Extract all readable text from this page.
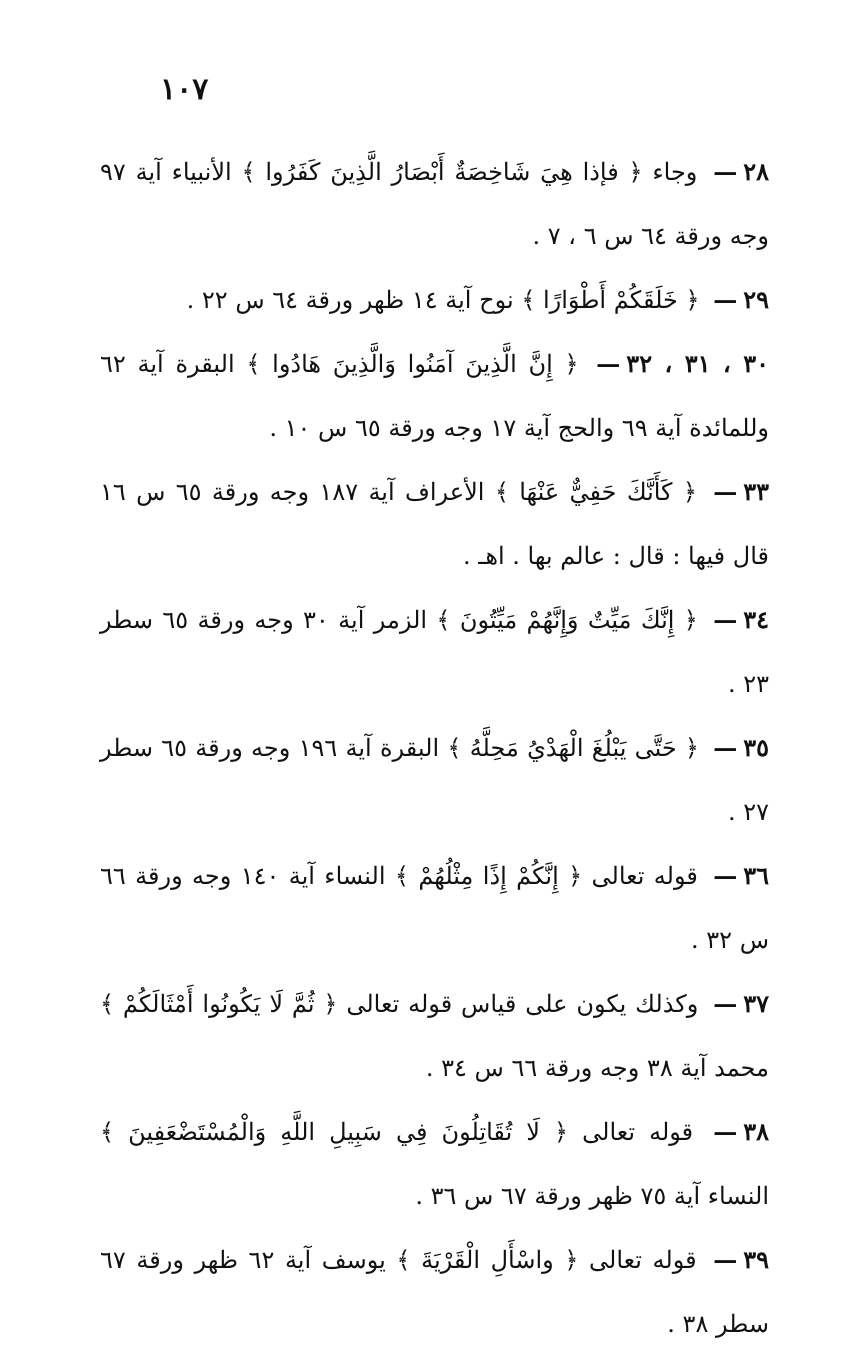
١٠٧

٢٨— وجاء ﴿ فإذا هِيَ شَاخِصَةٌ أَبْصَارُ الَّذِينَ كَفَرُوا ﴾ الأنبياء آية ٩٧ وجه ورقة ٦٤ س ٦ ، ٧ .

٢٩— ﴿ خَلَقَكُمْ أَطْوَارًا ﴾ نوح آية ١٤ ظهر ورقة ٦٤ س ٢٢ .

٣٠ ، ٣١ ، ٣٢— ﴿ إِنَّ الَّذِينَ آمَنُوا وَالَّذِينَ هَادُوا ﴾ البقرة آية ٦٢ وللمائدة آية ٦٩ والحج آية ١٧ وجه ورقة ٦٥ س ١٠ .

٣٣— ﴿ كَأَنَّكَ حَفِيٌّ عَنْهَا ﴾ الأعراف آية ١٨٧ وجه ورقة ٦٥ س ١٦ قال فيها : قال : عالم بها . اهـ .

٣٤— ﴿ إِنَّكَ مَيِّتٌ وَإِنَّهُمْ مَيِّتُونَ ﴾ الزمر آية ٣٠ وجه ورقة ٦٥ سطر ٢٣ .

٣٥— ﴿ حَتَّى يَبْلُغَ الْهَدْيُ مَحِلَّهُ ﴾ البقرة آية ١٩٦ وجه ورقة ٦٥ سطر ٢٧ .

٣٦— قوله تعالى ﴿ إِنَّكُمْ إِذًا مِثْلُهُمْ ﴾ النساء آية ١٤٠ وجه ورقة ٦٦ س ٣٢ .

٣٧— وكذلك يكون على قياس قوله تعالى ﴿ ثُمَّ لَا يَكُونُوا أَمْثَالَكُمْ ﴾ محمد آية ٣٨ وجه ورقة ٦٦ س ٣٤ .

٣٨— قوله تعالى ﴿ لَا تُقَاتِلُونَ فِي سَبِيلِ اللَّهِ وَالْمُسْتَضْعَفِينَ ﴾ النساء آية ٧٥ ظهر ورقة ٦٧ س ٣٦ .

٣٩— قوله تعالى ﴿ واسْأَلِ الْقَرْيَةَ ﴾ يوسف آية ٦٢ ظهر ورقة ٦٧ سطر ٣٨ .
